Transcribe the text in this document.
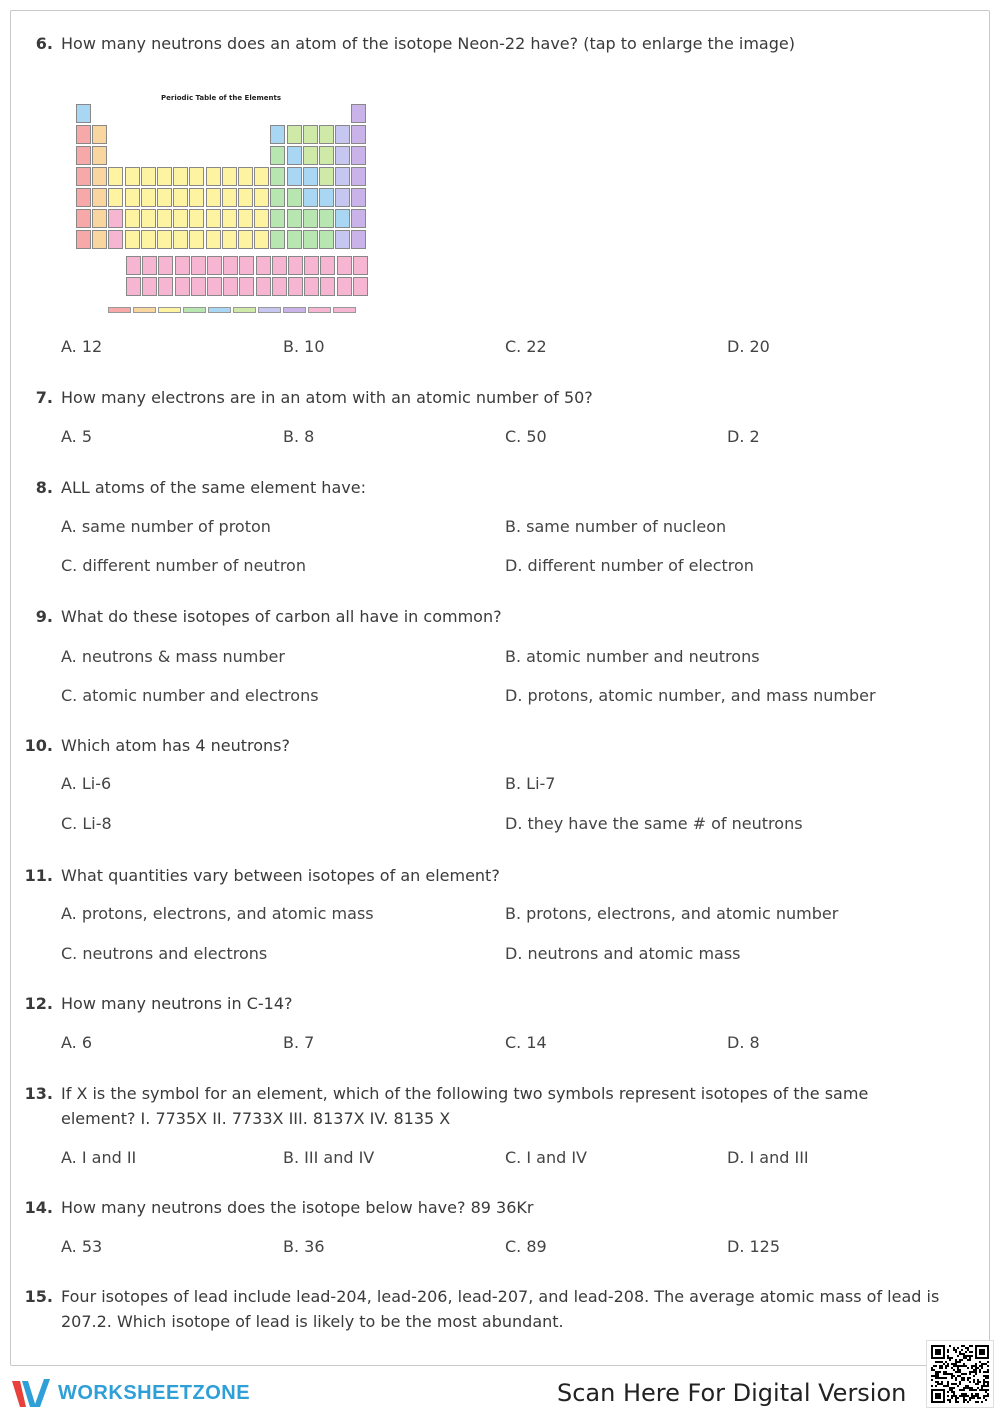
6. How many neutrons does an atom of the isotope Neon-22 have? (tap to enlarge the image)
Periodic Table of the Elements
A. 12	B. 10	C. 22	D. 20
7. How many electrons are in an atom with an atomic number of 50?
A. 5	B. 8	C. 50	D. 2
8. ALL atoms of the same element have:
A. same number of proton	B. same number of nucleon
C. different number of neutron	D. different number of electron
9. What do these isotopes of carbon all have in common?
A. neutrons & mass number	B. atomic number and neutrons
C. atomic number and electrons	D. protons, atomic number, and mass number
10. Which atom has 4 neutrons?
A. Li-6	B. Li-7
C. Li-8	D. they have the same # of neutrons
11. What quantities vary between isotopes of an element?
A. protons, electrons, and atomic mass	B. protons, electrons, and atomic number
C. neutrons and electrons	D. neutrons and atomic mass
12. How many neutrons in C-14?
A. 6	B. 7	C. 14	D. 8
13. If X is the symbol for an element, which of the following two symbols represent isotopes of the same element? I. 7735X II. 7733X III. 8137X IV. 8135 X
A. I and II	B. III and IV	C. I and IV	D. I and III
14. How many neutrons does the isotope below have? 89 36Kr
A. 53	B. 36	C. 89	D. 125
15. Four isotopes of lead include lead-204, lead-206, lead-207, and lead-208. The average atomic mass of lead is 207.2. Which isotope of lead is likely to be the most abundant.
WORKSHEETZONE	Scan Here For Digital Version
